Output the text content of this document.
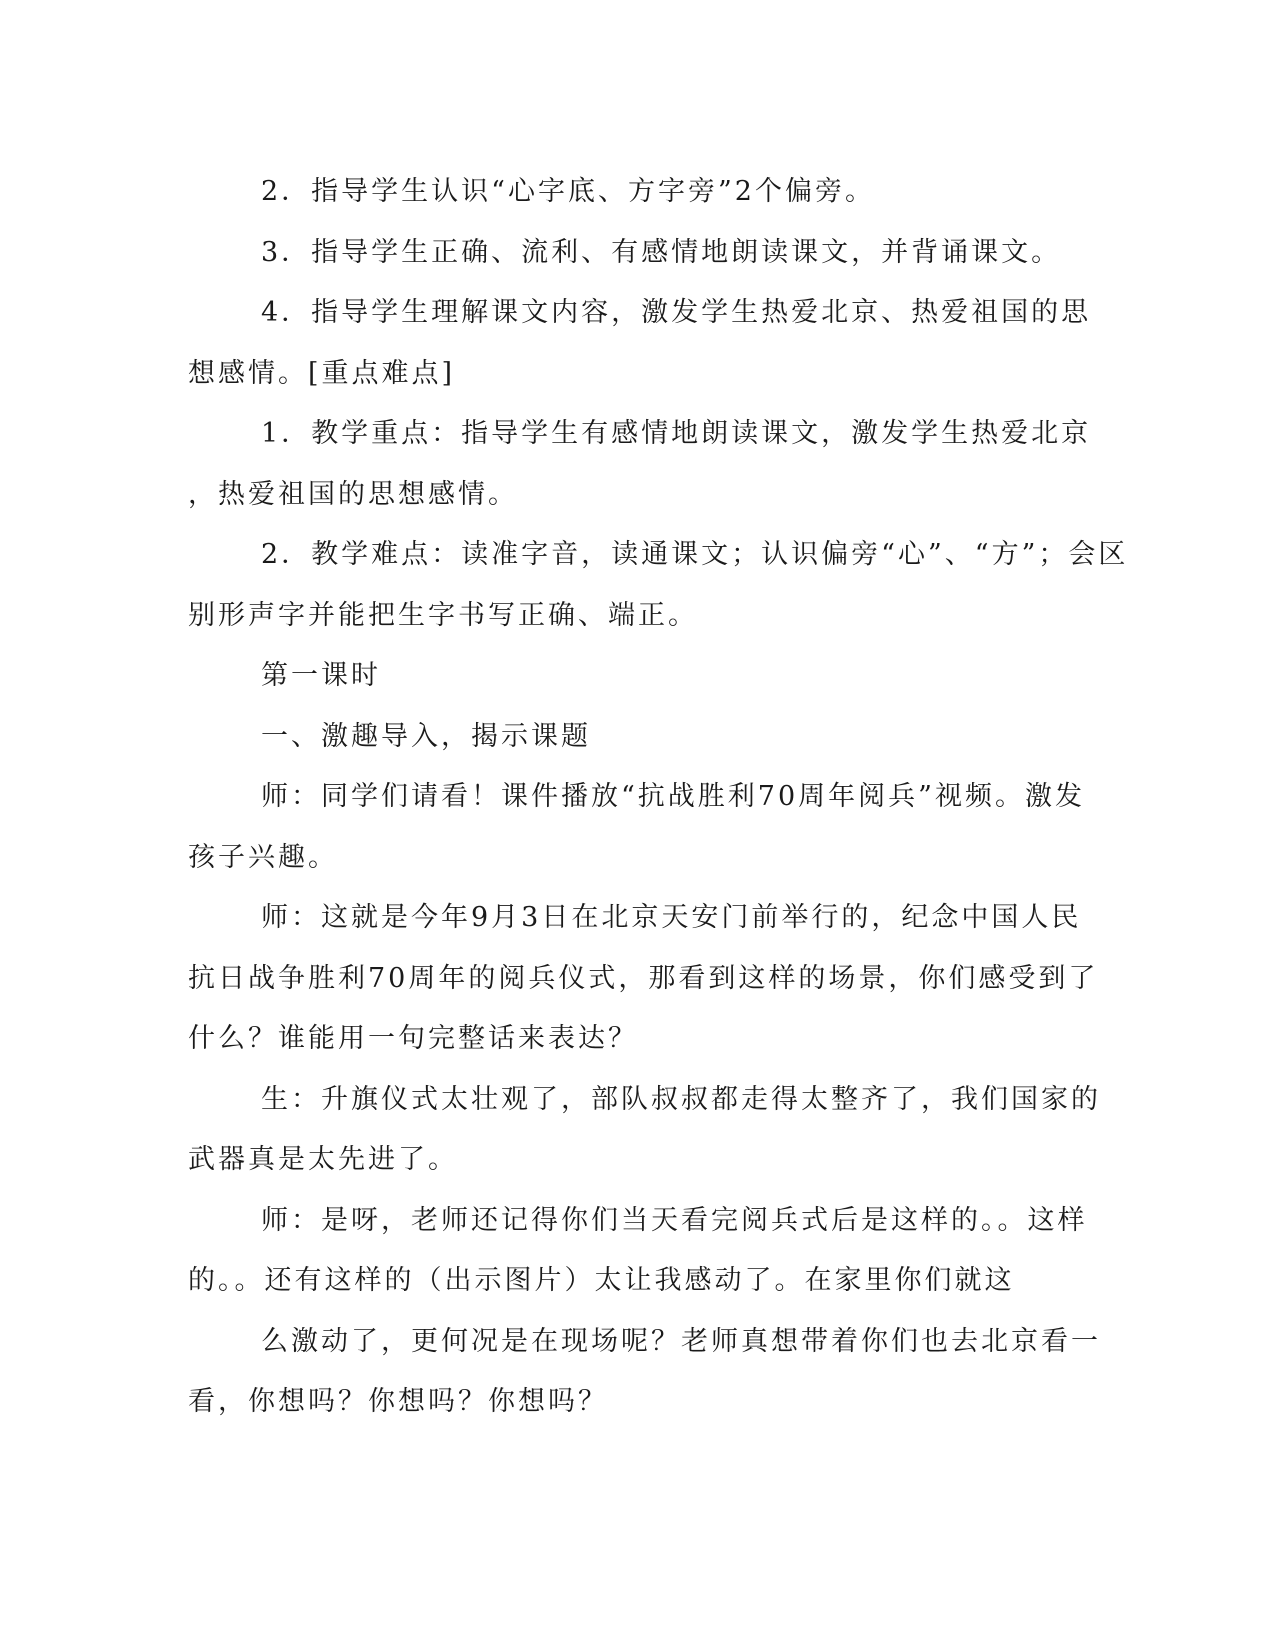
2．指导学生认识“心字底、方字旁”2个偏旁。
3．指导学生正确、流利、有感情地朗读课文，并背诵课文。
4．指导学生理解课文内容，激发学生热爱北京、热爱祖国的思
想感情。[重点难点]
1．教学重点：指导学生有感情地朗读课文，激发学生热爱北京
，热爱祖国的思想感情。
2．教学难点：读准字音，读通课文；认识偏旁“心”、“方”；会区
别形声字并能把生字书写正确、端正。
第一课时
一、激趣导入，揭示课题
师：同学们请看！课件播放“抗战胜利70周年阅兵”视频。激发
孩子兴趣。
师：这就是今年9月3日在北京天安门前举行的，纪念中国人民
抗日战争胜利70周年的阅兵仪式，那看到这样的场景，你们感受到了
什么？谁能用一句完整话来表达？
生：升旗仪式太壮观了，部队叔叔都走得太整齐了，我们国家的
武器真是太先进了。
师：是呀，老师还记得你们当天看完阅兵式后是这样的。。这样
的。。还有这样的（出示图片）太让我感动了。在家里你们就这
么激动了，更何况是在现场呢？老师真想带着你们也去北京看一
看，你想吗？你想吗？你想吗？
